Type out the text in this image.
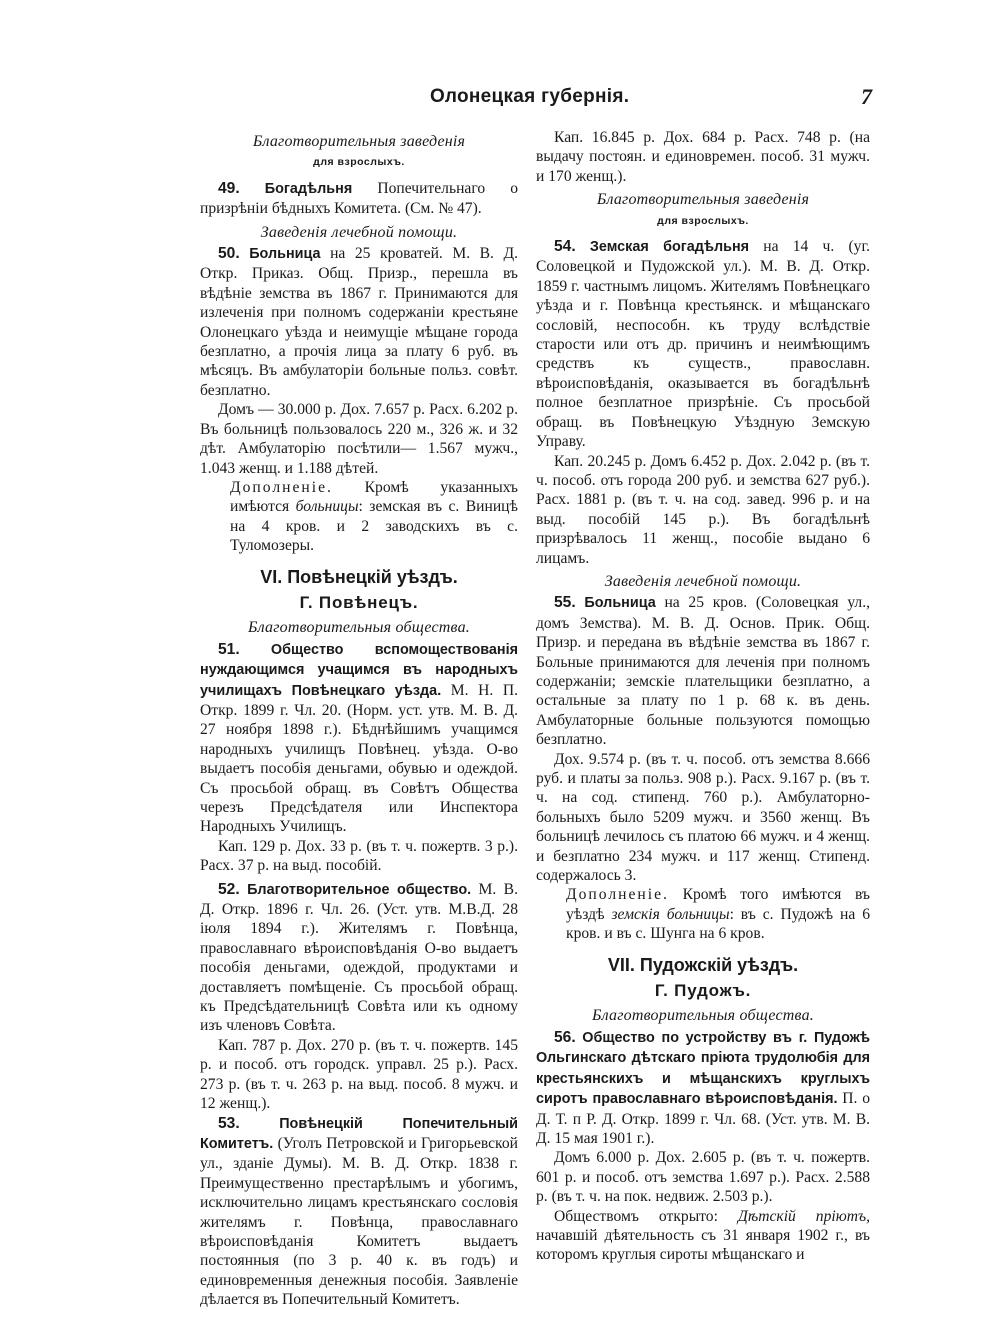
Олонецкая губернія.	7
Благотворительныя заведенія
для взрослыхъ.

49. Богадѣльня Попечительнаго о призрѣніи бѣдныхъ Комитета. (См. № 47).

Заведенія лечебной помощи.

50. Больница на 25 кроватей. М. В. Д. Откр. Приказ. Общ. Призр., перешла въ вѣдѣніе земства въ 1867 г. Принимаются для излеченія при полномъ содержаніи крестьяне Олонецкаго уѣзда и неимущіе мѣщане города безплатно, а прочія лица за плату 6 руб. въ мѣсяцъ. Въ амбулаторіи больные польз. совѣт. безплатно.

Домъ — 30.000 р. Дох. 7.657 р. Расх. 6.202 р. Въ больницѣ пользовалось 220 м., 326 ж. и 32 дѣт. Амбулаторію посѣтили— 1.567 мужч., 1.043 женщ. и 1.188 дѣтей.

Дополненіе. Кромѣ указанныхъ имѣются больницы: земская въ с. Виницѣ на 4 кров. и 2 заводскихъ въ с. Туломозеры.

VI. Повѣнецкій уѣздъ.
Г. Повѣнецъ.
Благотворительныя общества.

51. Общество вспомоществованія нуждающимся учащимся въ народныхъ училищахъ Повѣнецкаго уѣзда. М. Н. П. Откр. 1899 г. Чл. 20. (Норм. уст. утв. М. В. Д. 27 ноября 1898 г.). Бѣднѣйшимъ учащимся народныхъ училищъ Повѣнец. уѣзда. О-во выдаетъ пособія деньгами, обувью и одеждой. Съ просьбой обращ. въ Совѣтъ Общества черезъ Предсѣдателя или Инспектора Народныхъ Училищъ.

Кап. 129 р. Дох. 33 р. (въ т. ч. пожертв. 3 р.). Расх. 37 р. на выд. пособій.

52. Благотворительное общество. М. В. Д. Откр. 1896 г. Чл. 26. (Уст. утв. М.В.Д. 28 іюля 1894 г.). Жителямъ г. Повѣнца, православнаго вѣроисповѣданія О-во выдаетъ пособія деньгами, одеждой, продуктами и доставляетъ помѣщеніе. Съ просьбой обращ. къ Предсѣдательницѣ Совѣта или къ одному изъ членовъ Совѣта.

Кап. 787 р. Дох. 270 р. (въ т. ч. пожертв. 145 р. и пособ. отъ городск. управл. 25 р.). Расх. 273 р. (въ т. ч. 263 р. на выд. пособ. 8 мужч. и 12 женщ.).

53.	Повѣнецкій Попечительный Комитетъ. (Уголъ Петровской и Григорьевской ул., зданіе Думы). М. В. Д. Откр. 1838 г. Преимущественно престарѣлымъ и убогимъ, исключительно лицамъ крестьянскаго сословія жителямъ г. Повѣнца, православнаго вѣроисповѣданія Комитетъ выдаетъ постоянныя (по 3 р. 40 к. въ годъ) и единовременныя денежныя пособія. Заявленіе дѣлается въ Попечительный Комитетъ.

Кап. 16.845 р. Дох. 684 р. Расх. 748 р. (на выдачу постоян. и единовремен. пособ. 31 мужч. и 170 женщ.).

Благотворительныя заведенія
для взрослыхъ.

54. Земская богадѣльня на 14 ч. (уг. Соловецкой и Пудожской ул.). М. В. Д. Откр. 1859 г. частнымъ лицомъ. Жителямъ Повѣнецкаго уѣзда и г. Повѣнца крестьянск. и мѣщанскаго сословій, неспособн. къ труду вслѣдствіе старости или отъ др. причинъ и неимѣющимъ средствъ къ существ., православн. вѣроисповѣданія, оказывается въ богадѣльнѣ полное безплатное призрѣніе. Съ просьбой обращ. въ Повѣнецкую Уѣздную Земскую Управу.

Кап. 20.245 р. Домъ 6.452 р. Дох. 2.042 р. (въ т. ч. пособ. отъ города 200 руб. и земства 627 руб.). Расх. 1881 р. (въ т. ч. на сод. завед. 996 р. и на выд. пособій 145 р.). Въ богадѣльнѣ призрѣвалось 11 женщ., пособіе выдано 6 лицамъ.

Заведенія лечебной помощи.

55. Больница на 25 кров. (Соловецкая ул., домъ Земства). М. В. Д. Основ. Прик. Общ. Призр. и передана въ вѣдѣніе земства въ 1867 г. Больные принимаются для леченія при полномъ содержаніи; земскіе плательщики безплатно, а остальные за плату по 1 р. 68 к. въ день. Амбулаторные больные пользуются помощью безплатно.

Дох. 9.574 р. (въ т. ч. пособ. отъ земства 8.666 руб. и платы за польз. 908 р.). Расх. 9.167 р. (въ т. ч. на сод. стипенд. 760 р.). Амбулаторно-больныхъ было 5209 мужч. и 3560 женщ. Въ больницѣ лечилось съ платою 66 мужч. и 4 женщ. и безплатно 234 мужч. и 117 женщ. Стипенд. содержалось 3.

Дополненіе. Кромѣ того имѣются въ уѣздѣ земскія больницы: въ с. Пудожѣ на 6 кров. и въ с. Шунга на 6 кров.

VII. Пудожскій уѣздъ.
Г. Пудожъ.
Благотворительныя общества.

56. Общество по устройству въ г. Пудожѣ Ольгинскаго дѣтскаго пріюта трудолюбія для крестьянскихъ и мѣщанскихъ круглыхъ сиротъ православнаго вѣроисповѣданія. П. о Д. Т. п Р. Д. Откр. 1899 г. Чл. 68. (Уст. утв. М. В. Д. 15 мая 1901 г.).

Домъ 6.000 р. Дох. 2.605 р. (въ т. ч. пожертв. 601 р. и пособ. отъ земства 1.697 р.). Расх. 2.588 р. (въ т. ч. на пок. недвиж. 2.503 р.).

Обществомъ открыто: Дѣтскій пріютъ, начавшій дѣятельность съ 31 января 1902 г., въ которомъ круглыя сироты мѣщанскаго и
